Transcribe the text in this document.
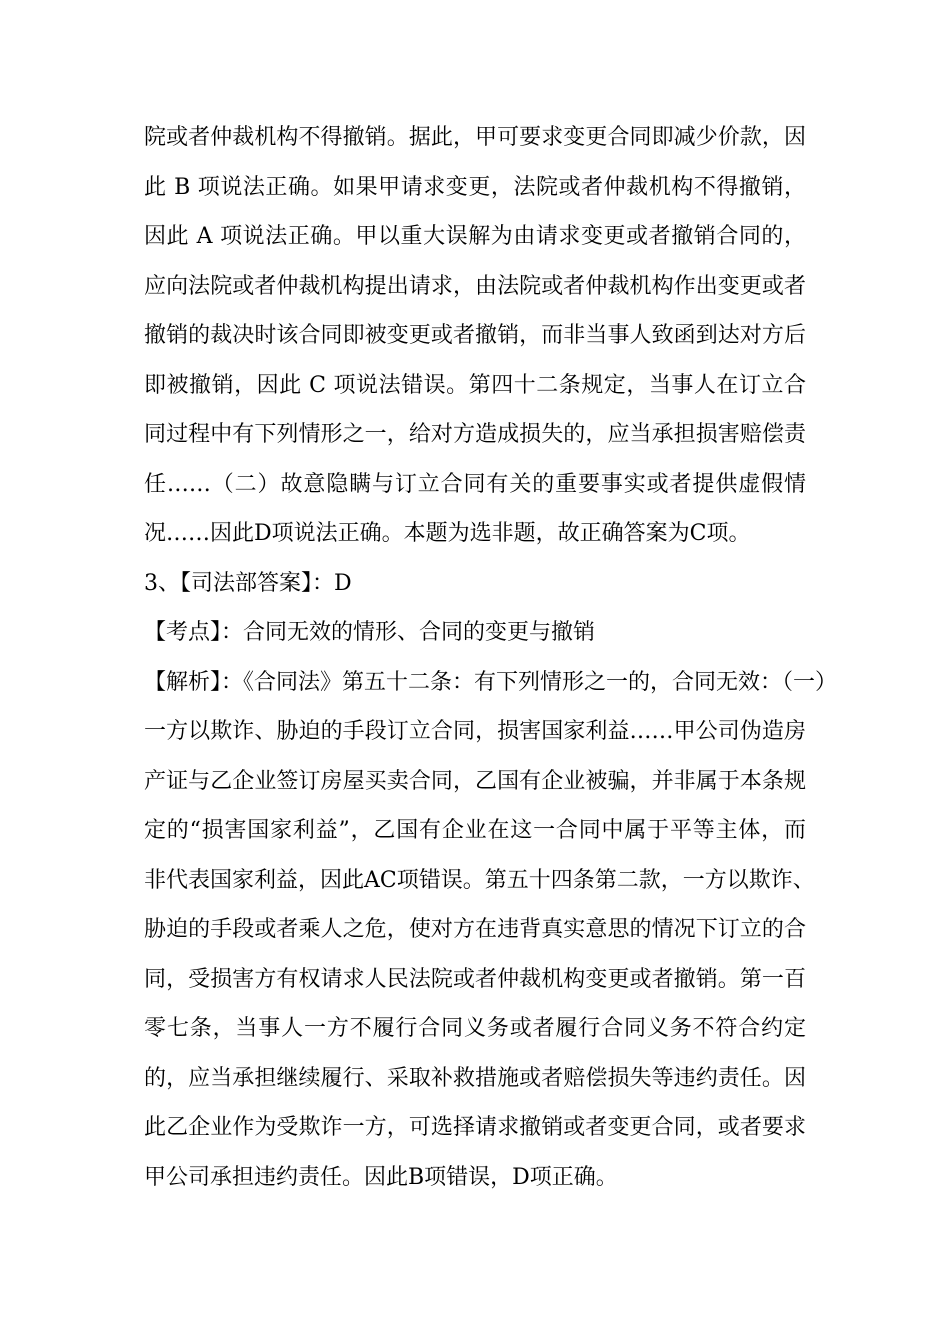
院或者仲裁机构不得撤销。据此，甲可要求变更合同即减少价款，因
此 B 项说法正确。如果甲请求变更，法院或者仲裁机构不得撤销，
因此 A 项说法正确。甲以重大误解为由请求变更或者撤销合同的，
应向法院或者仲裁机构提出请求，由法院或者仲裁机构作出变更或者
撤销的裁决时该合同即被变更或者撤销，而非当事人致函到达对方后
即被撤销，因此 C 项说法错误。第四十二条规定，当事人在订立合
同过程中有下列情形之一，给对方造成损失的，应当承担损害赔偿责
任……（二）故意隐瞒与订立合同有关的重要事实或者提供虚假情
况……因此D项说法正确。本题为选非题，故正确答案为C项。
3、【司法部答案】：D
【考点】：合同无效的情形、合同的变更与撤销
【解析】：《合同法》第五十二条：有下列情形之一的，合同无效：（一）
一方以欺诈、胁迫的手段订立合同，损害国家利益……甲公司伪造房
产证与乙企业签订房屋买卖合同，乙国有企业被骗，并非属于本条规
定的“损害国家利益”，乙国有企业在这一合同中属于平等主体，而
非代表国家利益，因此AC项错误。第五十四条第二款，一方以欺诈、
胁迫的手段或者乘人之危，使对方在违背真实意思的情况下订立的合
同，受损害方有权请求人民法院或者仲裁机构变更或者撤销。第一百
零七条，当事人一方不履行合同义务或者履行合同义务不符合约定
的，应当承担继续履行、采取补救措施或者赔偿损失等违约责任。因
此乙企业作为受欺诈一方，可选择请求撤销或者变更合同，或者要求
甲公司承担违约责任。因此B项错误，D项正确。
